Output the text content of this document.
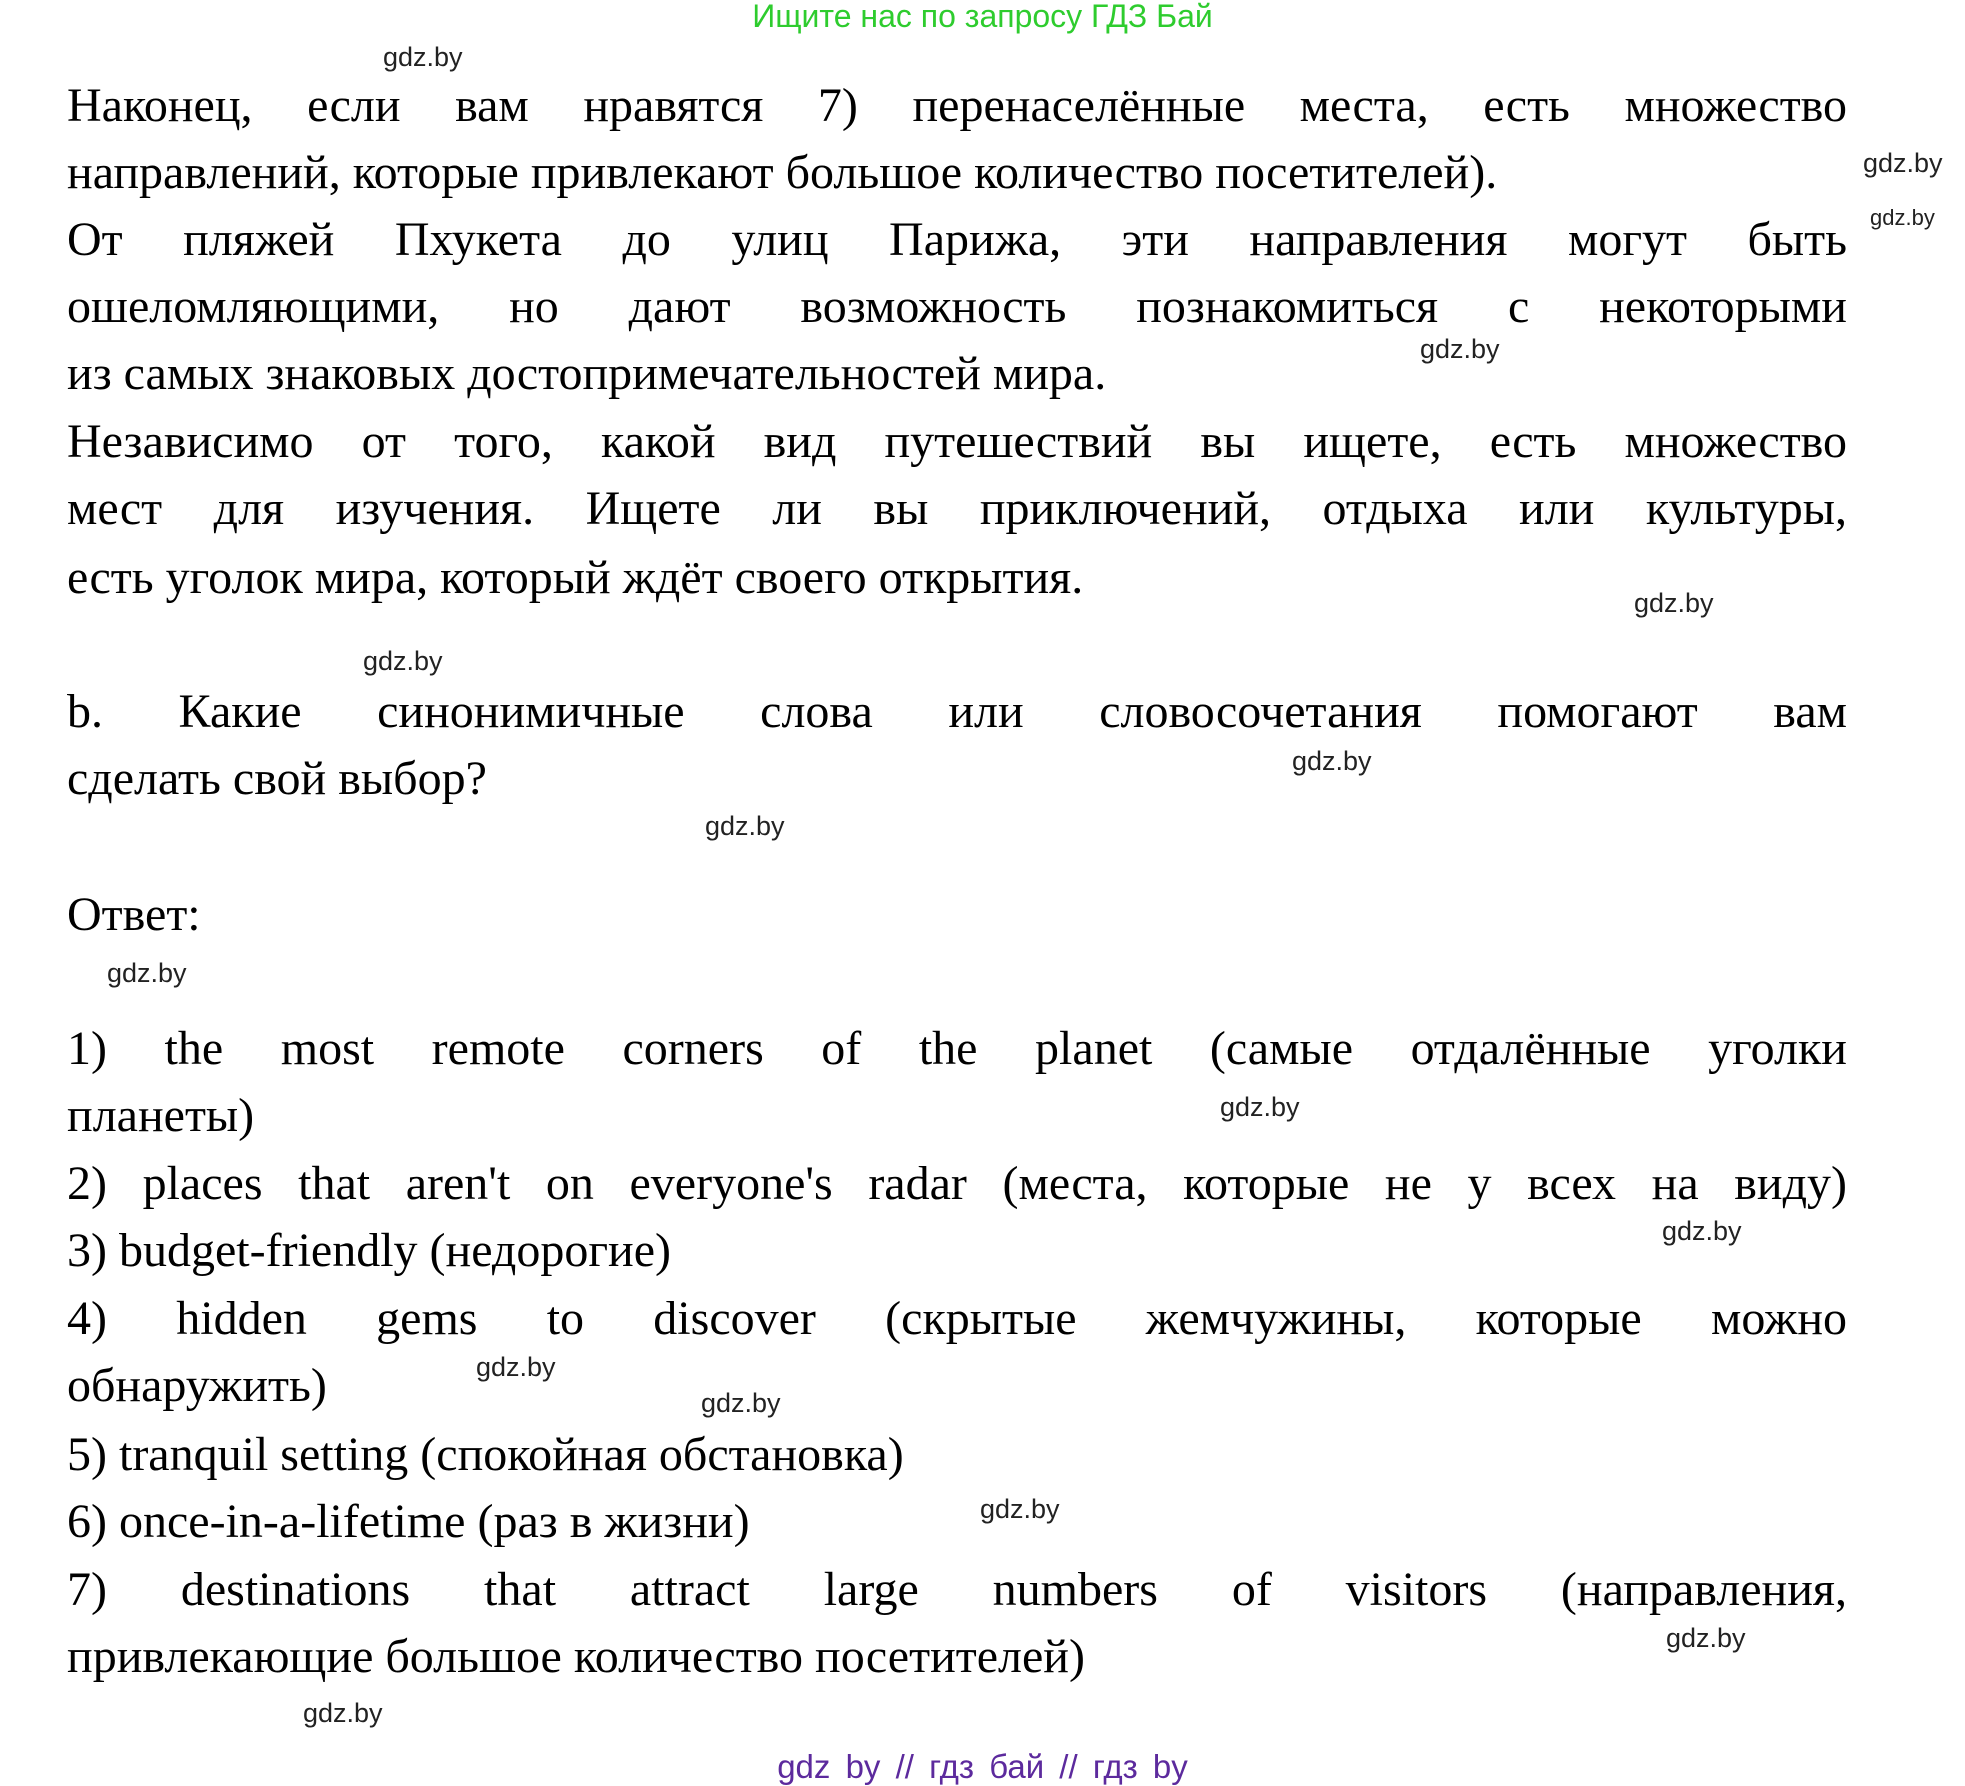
Ищите нас по запросу ГДЗ Бай
Наконец, если вам нравятся 7) перенаселённые места, есть множество
направлений, которые привлекают большое количество посетителей).
От пляжей Пхукета до улиц Парижа, эти направления могут быть
ошеломляющими, но дают возможность познакомиться с некоторыми
из самых знаковых достопримечательностей мира.
Независимо от того, какой вид путешествий вы ищете, есть множество
мест для изучения. Ищете ли вы приключений, отдыха или культуры,
есть уголок мира, который ждёт своего открытия.
b. Какие синонимичные слова или словосочетания помогают вам
сделать свой выбор?
Ответ:
1) the most remote corners of the planet (самые отдалённые уголки
планеты)
2) places that aren't on everyone's radar (места, которые не у всех на виду)
3) budget-friendly (недорогие)
4) hidden gems to discover (скрытые жемчужины, которые можно
обнаружить)
5) tranquil setting (спокойная обстановка)
6) once-in-a-lifetime (раз в жизни)
7) destinations that attract large numbers of visitors (направления,
привлекающие большое количество посетителей)
gdz.by
gdz.by
gdz.by
gdz.by
gdz.by
gdz.by
gdz.by
gdz.by
gdz.by
gdz.by
gdz.by
gdz.by
gdz.by
gdz.by
gdz.by
gdz.by
gdz by // гдз бай // гдз by
